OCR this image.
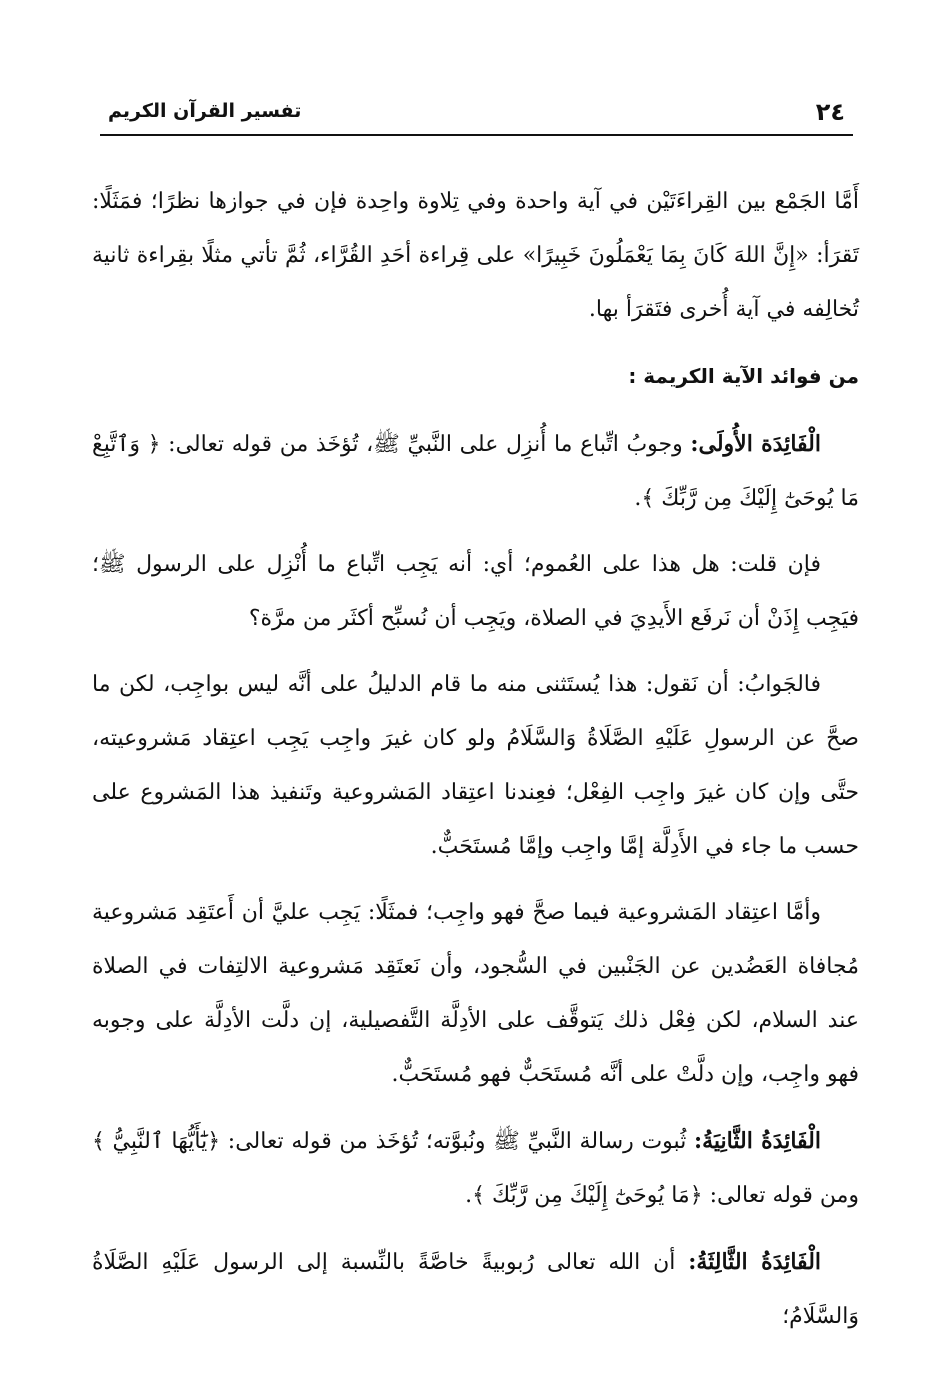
٢٤
تفسير القرآن الكريم

أَمَّا الجَمْع بين القِراءَتَيْن في آية واحدة وفي تِلاوة واحِدة فإن في جوازها نظرًا؛ فمَثَلًا: تَقرَأ: «إِنَّ اللهَ كَانَ بِمَا يَعْمَلُونَ خَبِيرًا» على قِراءة أحَدِ القُرَّاء، ثُمَّ تأتي مثلًا بقِراءة ثانية تُخالِفه في آية أُخرى فتَقرَأ بها.

من فوائد الآية الكريمة :

الْفَائِدَة الأُولَى: وجوبُ اتِّباع ما أُنزِل على النَّبيِّ ﷺ، تُؤخَذ من قوله تعالى: ﴿ وَٱتَّبِعْ مَا يُوحَىٰٓ إِلَيْكَ مِن رَّبِّكَ ﴾.

فإن قلت: هل هذا على العُموم؛ أي: أنه يَجِب اتِّباع ما أُنْزِل على الرسول ﷺ؛ فيَجِب إِذَنْ أن نَرفَع الأَيدِيَ في الصلاة، ويَجِب أن نُسبِّح أكثَر من مرَّة؟

فالجَوابُ: أن نَقول: هذا يُستَثنى منه ما قام الدليلُ على أنَّه ليس بواجِب، لكن ما صحَّ عن الرسولِ عَلَيْهِ الصَّلَاةُ وَالسَّلَامُ ولو كان غيرَ واجِب يَجِب اعتِقاد مَشروعيته، حتَّى وإن كان غيرَ واجِب الفِعْل؛ فعِندنا اعتِقاد المَشروعية وتَنفيذ هذا المَشروع على حسب ما جاء في الأَدِلَّة إمَّا واجِب وإمَّا مُستَحَبٌّ.

وأمَّا اعتِقاد المَشروعية فيما صحَّ فهو واجِب؛ فمثَلًا: يَجِب عليَّ أن أَعتَقِد مَشروعية مُجافاة العَضُدين عن الجَنْبين في السُّجود، وأن نَعتَقِد مَشروعية الالتِفات في الصلاة عند السلام، لكن فِعْل ذلك يَتوقَّف على الأدِلَّة التَّفصيلية، إن دلَّت الأدِلَّة على وجوبه فهو واجِب، وإن دلَّتْ على أنَّه مُستَحَبٌّ فهو مُستَحَبٌّ.

الْفَائِدَةُ الثَّانِيَةُ: ثُبوت رسالة النَّبيِّ ﷺ ونُبوَّته؛ تُؤخَذ من قوله تعالى: ﴿يَٰٓأَيُّهَا ٱلنَّبِيُّ ﴾ ومن قوله تعالى: ﴿مَا يُوحَىٰٓ إِلَيْكَ مِن رَّبِّكَ ﴾.

الْفَائِدَةُ الثَّالِثَةُ: أن الله تعالى رُبوبيةً خاصَّةً بالنِّسبة إلى الرسول عَلَيْهِ الصَّلَاةُ وَالسَّلَامُ؛
